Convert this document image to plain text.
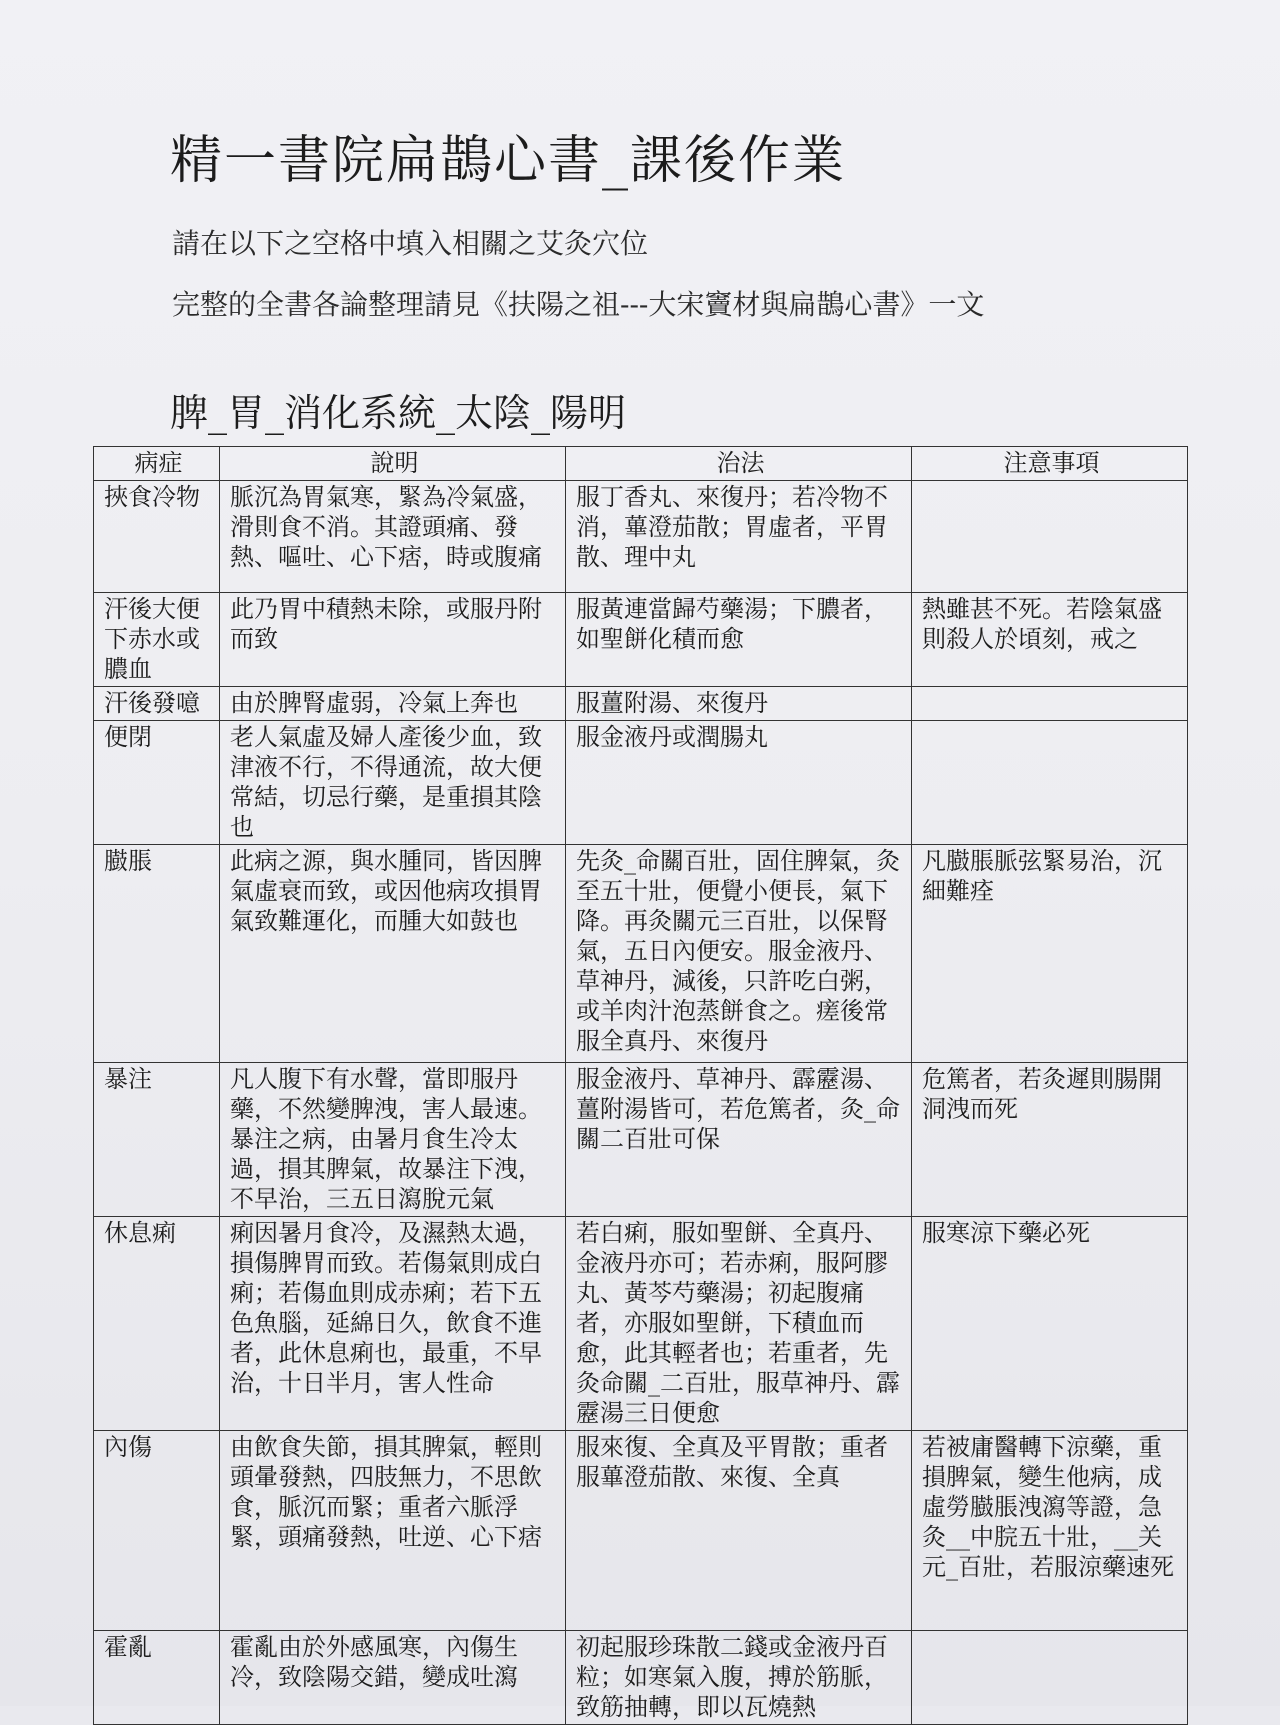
精一書院扁鵲心書_課後作業

請在以下之空格中填入相關之艾灸穴位

完整的全書各論整理請見《扶陽之祖---大宋竇材與扁鵲心書》一文

脾_胃_消化系統_太陰_陽明
病症	說明	治法	注意事項
挾食冷物	脈沉為胃氣寒，緊為冷氣盛，滑則食不消。其證頭痛、發熱、嘔吐、心下痞，時或腹痛	服丁香丸、來復丹；若冷物不消，蓽澄茄散；胃虛者，平胃散、理中丸	
汗後大便下赤水或膿血	此乃胃中積熱未除，或服丹附而致	服黃連當歸芍藥湯；下膿者，如聖餅化積而愈	熱雖甚不死。若陰氣盛則殺人於頃刻，戒之
汗後發噫	由於脾腎虛弱，冷氣上奔也	服薑附湯、來復丹	
便閉	老人氣虛及婦人產後少血，致津液不行，不得通流，故大便常結，切忌行藥，是重損其陰也	服金液丹或潤腸丸	
臌脹	此病之源，與水腫同，皆因脾氣虛衰而致，或因他病攻損胃氣致難運化，而腫大如鼓也	先灸_命關百壯，固住脾氣，灸至五十壯，便覺小便長，氣下降。再灸關元三百壯，以保腎氣，五日內便安。服金液丹、草神丹，減後，只許吃白粥，或羊肉汁泡蒸餅食之。瘥後常服全真丹、來復丹	凡臌脹脈弦緊易治，沉細難痊
暴注	凡人腹下有水聲，當即服丹藥，不然變脾洩，害人最速。暴注之病，由暑月食生冷太過，損其脾氣，故暴注下洩，不早治，三五日瀉脫元氣	服金液丹、草神丹、霹靂湯、薑附湯皆可，若危篤者，灸_命關二百壯可保	危篤者，若灸遲則腸開洞洩而死
休息痢	痢因暑月食冷，及濕熱太過，損傷脾胃而致。若傷氣則成白痢；若傷血則成赤痢；若下五色魚腦，延綿日久，飲食不進者，此休息痢也，最重，不早治，十日半月，害人性命	若白痢，服如聖餅、全真丹、金液丹亦可；若赤痢，服阿膠丸、黃芩芍藥湯；初起腹痛者，亦服如聖餅，下積血而愈，此其輕者也；若重者，先灸命關_二百壯，服草神丹、霹靂湯三日便愈	服寒涼下藥必死
內傷	由飲食失節，損其脾氣，輕則頭暈發熱，四肢無力，不思飲食，脈沉而緊；重者六脈浮緊，頭痛發熱，吐逆、心下痞	服來復、全真及平胃散；重者服蓽澄茄散、來復、全真	若被庸醫轉下涼藥，重損脾氣，變生他病，成虛勞臌脹洩瀉等證，急灸__中脘五十壯，__关元_百壯，若服涼藥速死
霍亂	霍亂由於外感風寒，內傷生冷，致陰陽交錯，變成吐瀉	初起服珍珠散二錢或金液丹百粒；如寒氣入腹，搏於筋脈，致筋抽轉，即以瓦燒熱	
